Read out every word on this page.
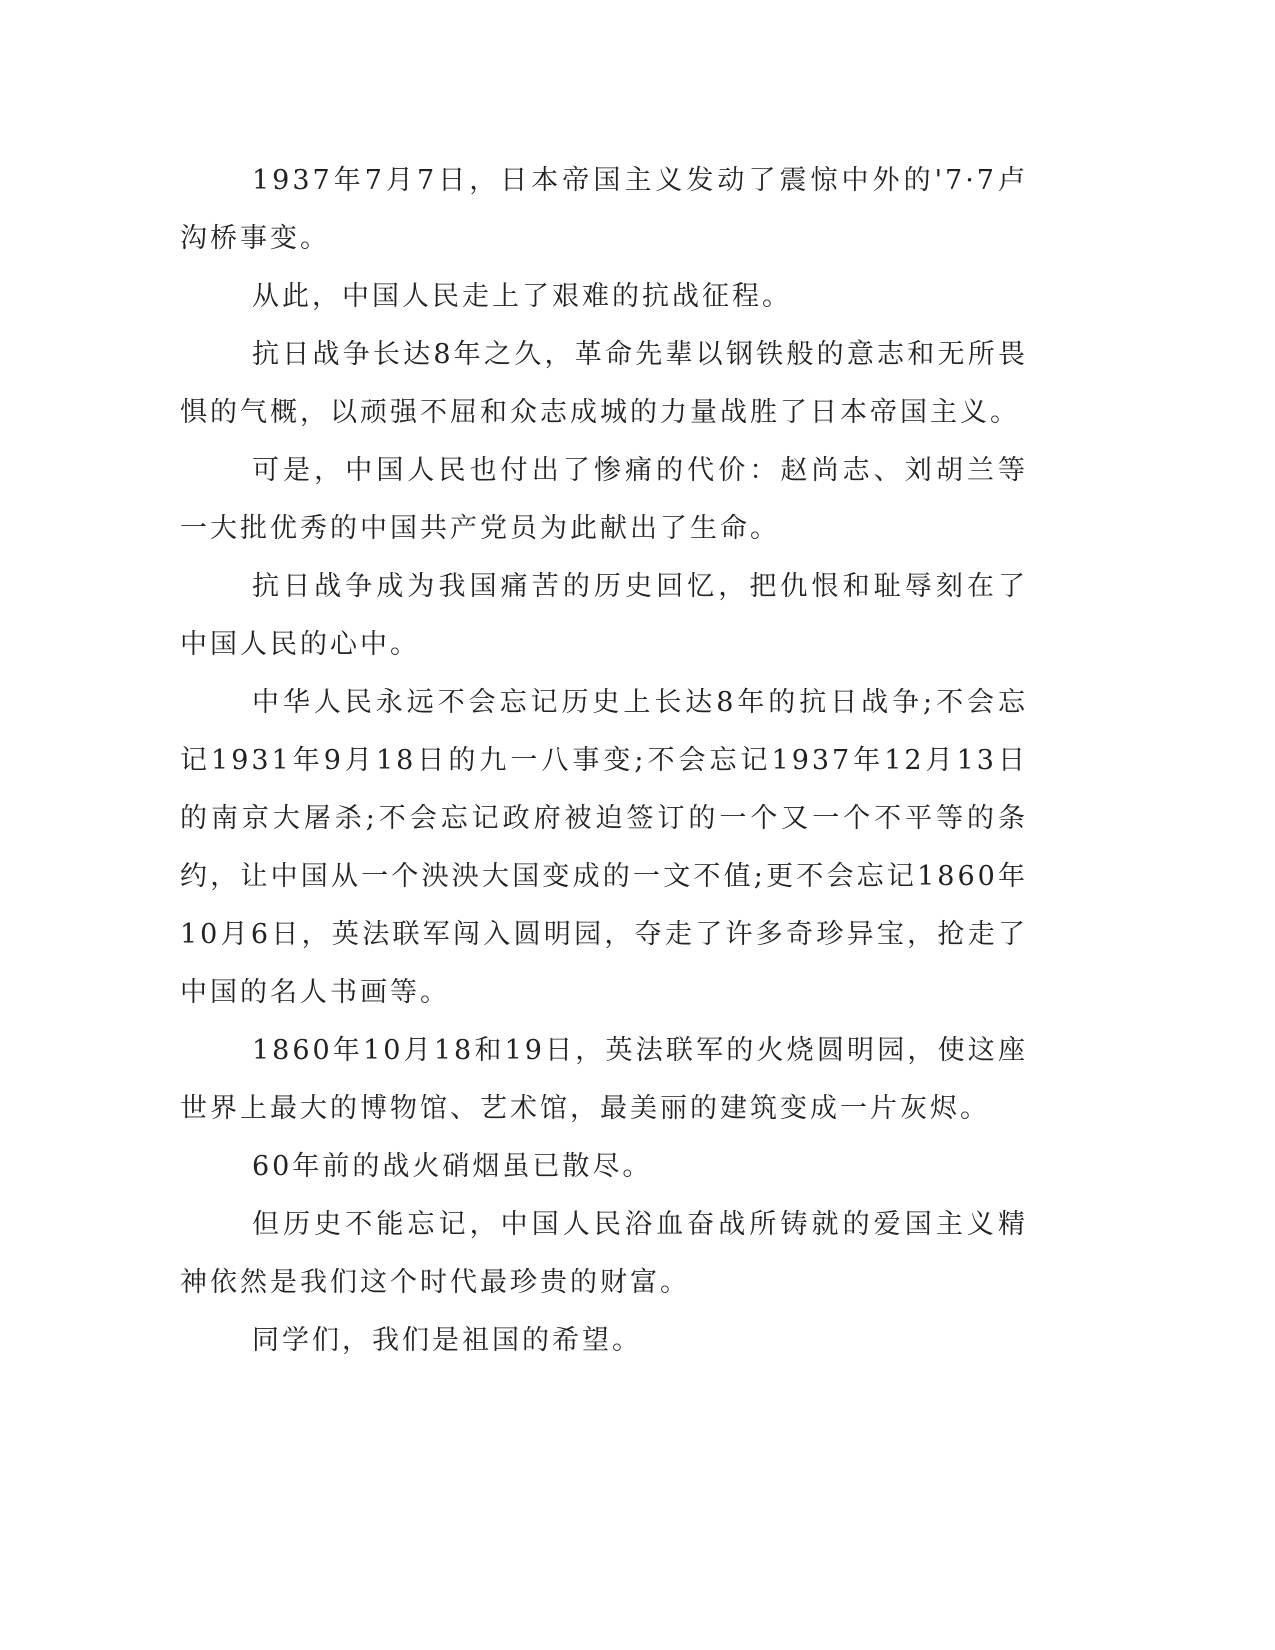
1937年7月7日，日本帝国主义发动了震惊中外的'7·7卢沟桥事变。

从此，中国人民走上了艰难的抗战征程。

抗日战争长达8年之久，革命先辈以钢铁般的意志和无所畏惧的气概，以顽强不屈和众志成城的力量战胜了日本帝国主义。

可是，中国人民也付出了惨痛的代价：赵尚志、刘胡兰等一大批优秀的中国共产党员为此献出了生命。

抗日战争成为我国痛苦的历史回忆，把仇恨和耻辱刻在了中国人民的心中。

中华人民永远不会忘记历史上长达8年的抗日战争;不会忘记1931年9月18日的九一八事变;不会忘记1937年12月13日的南京大屠杀;不会忘记政府被迫签订的一个又一个不平等的条约，让中国从一个泱泱大国变成的一文不值;更不会忘记1860年10月6日，英法联军闯入圆明园，夺走了许多奇珍异宝，抢走了中国的名人书画等。

1860年10月18和19日，英法联军的火烧圆明园，使这座世界上最大的博物馆、艺术馆，最美丽的建筑变成一片灰烬。

60年前的战火硝烟虽已散尽。

但历史不能忘记，中国人民浴血奋战所铸就的爱国主义精神依然是我们这个时代最珍贵的财富。

同学们，我们是祖国的希望。
